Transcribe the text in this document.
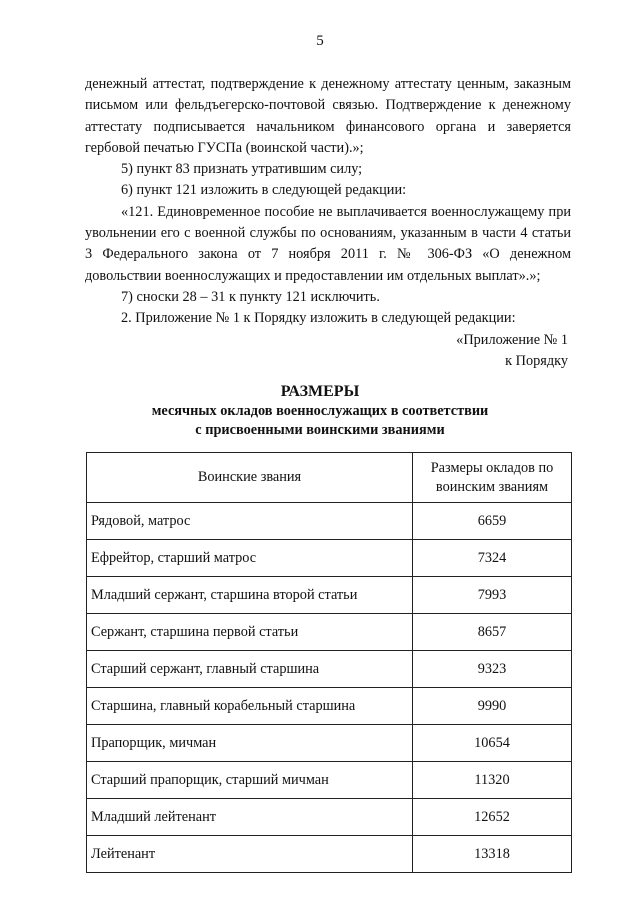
5

денежный аттестат, подтверждение к денежному аттестату ценным, заказным письмом или фельдъегерско-почтовой связью. Подтверждение к денежному аттестату подписывается начальником финансового органа и заверяется гербовой печатью ГУСПа (воинской части).»;

5) пункт 83 признать утратившим силу;

6) пункт 121 изложить в следующей редакции:

«121. Единовременное пособие не выплачивается военнослужащему при увольнении его с военной службы по основаниям, указанным в части 4 статьи 3 Федерального закона от 7 ноября 2011 г. № 306-ФЗ «О денежном довольствии военнослужащих и предоставлении им отдельных выплат».»;

7) сноски 28 – 31 к пункту 121 исключить.

2. Приложение № 1 к Порядку изложить в следующей редакции:

«Приложение № 1
к Порядку
РАЗМЕРЫ
месячных окладов военнослужащих в соответствии
с присвоенными воинскими званиями
Воинские звания	Размеры окладов по воинским званиям
Рядовой, матрос	6659
Ефрейтор, старший матрос	7324
Младший сержант, старшина второй статьи	7993
Сержант, старшина первой статьи	8657
Старший сержант, главный старшина	9323
Старшина, главный корабельный старшина	9990
Прапорщик, мичман	10654
Старший прапорщик, старший мичман	11320
Младший лейтенант	12652
Лейтенант	13318
